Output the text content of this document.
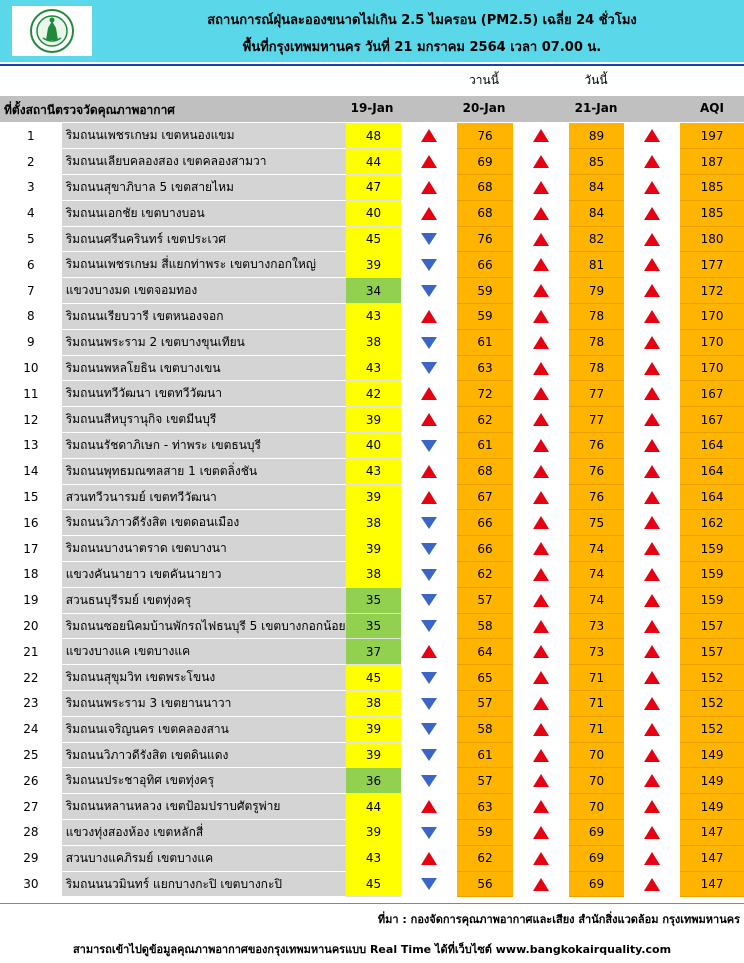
สถานการณ์ฝุ่นละอองขนาดไม่เกิน 2.5 ไมครอน (PM2.5) เฉลี่ย 24 ชั่วโมง
พื้นที่กรุงเทพมหานคร วันที่ 21 มกราคม 2564 เวลา 07.00 น.
วานนี้	วันนี้
ที่ตั้งสถานีตรวจวัดคุณภาพอากาศ	19-Jan	20-Jan	21-Jan	AQI
1	ริมถนนเพชรเกษม เขตหนองแขม	48		76		89		197
2	ริมถนนเลียบคลองสอง เขตคลองสามวา	44		69		85		187
3	ริมถนนสุขาภิบาล 5 เขตสายไหม	47		68		84		185
4	ริมถนนเอกชัย เขตบางบอน	40		68		84		185
5	ริมถนนศรีนครินทร์ เขตประเวศ	45		76		82		180
6	ริมถนนเพชรเกษม สี่แยกท่าพระ เขตบางกอกใหญ่	39		66		81		177
7	แขวงบางมด เขตจอมทอง	34		59		79		172
8	ริมถนนเรียบวารี เขตหนองจอก	43		59		78		170
9	ริมถนนพระราม 2 เขตบางขุนเทียน	38		61		78		170
10	ริมถนนพหลโยธิน เขตบางเขน	43		63		78		170
11	ริมถนนทวีวัฒนา เขตทวีวัฒนา	42		72		77		167
12	ริมถนนสีหบุรานุกิจ เขตมีนบุรี	39		62		77		167
13	ริมถนนรัชดาภิเษก - ท่าพระ เขตธนบุรี	40		61		76		164
14	ริมถนนพุทธมณฑลสาย 1 เขตตลิ่งชัน	43		68		76		164
15	สวนทวีวนารมย์ เขตทวีวัฒนา	39		67		76		164
16	ริมถนนวิภาวดีรังสิต เขตดอนเมือง	38		66		75		162
17	ริมถนนบางนาตราด เขตบางนา	39		66		74		159
18	แขวงคันนายาว เขตคันนายาว	38		62		74		159
19	สวนธนบุรีรมย์ เขตทุ่งครุ	35		57		74		159
20	ริมถนนซอยนิคมบ้านพักรถไฟธนบุรี 5 เขตบางกอกน้อย	35		58		73		157
21	แขวงบางแค เขตบางแค	37		64		73		157
22	ริมถนนสุขุมวิท เขตพระโขนง	45		65		71		152
23	ริมถนนพระราม 3 เขตยานนาวา	38		57		71		152
24	ริมถนนเจริญนคร เขตคลองสาน	39		58		71		152
25	ริมถนนวิภาวดีรังสิต เขตดินแดง	39		61		70		149
26	ริมถนนประชาอุทิศ เขตทุ่งครุ	36		57		70		149
27	ริมถนนหลานหลวง เขตป้อมปราบศัตรูพ่าย	44		63		70		149
28	แขวงทุ่งสองห้อง เขตหลักสี่	39		59		69		147
29	สวนบางแคภิรมย์ เขตบางแค	43		62		69		147
30	ริมถนนนวมินทร์ แยกบางกะปิ เขตบางกะปิ	45		56		69		147
ที่มา : กองจัดการคุณภาพอากาศและเสียง สำนักสิ่งแวดล้อม กรุงเทพมหานคร
สามารถเข้าไปดูข้อมูลคุณภาพอากาศของกรุงเทพมหานครแบบ Real Time ได้ที่เว็บไซต์ www.bangkokairquality.com
